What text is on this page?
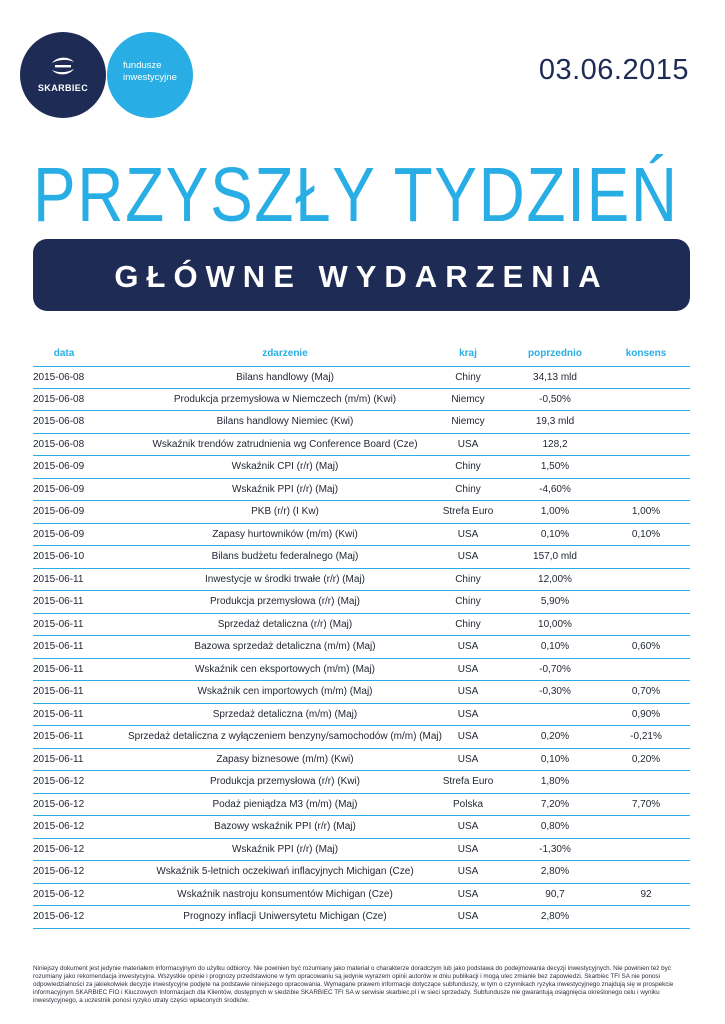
SKARBIEC
fundusze inwestycyjne	03.06.2015
PRZYSZŁY TYDZIEŃ
GŁÓWNE WYDARZENIA
data	zdarzenie	kraj	poprzednio	konsens
2015-06-08	Bilans handlowy (Maj)	Chiny	34,13 mld
2015-06-08	Produkcja przemysłowa w Niemczech (m/m) (Kwi)	Niemcy	-0,50%
2015-06-08	Bilans handlowy Niemiec (Kwi)	Niemcy	19,3 mld
2015-06-08	Wskaźnik trendów zatrudnienia wg Conference Board (Cze)	USA	128,2
2015-06-09	Wskaźnik CPI (r/r) (Maj)	Chiny	1,50%
2015-06-09	Wskaźnik PPI (r/r) (Maj)	Chiny	-4,60%
2015-06-09	PKB (r/r) (I Kw)	Strefa Euro	1,00%	1,00%
2015-06-09	Zapasy hurtowników (m/m) (Kwi)	USA	0,10%	0,10%
2015-06-10	Bilans budżetu federalnego (Maj)	USA	157,0 mld
2015-06-11	Inwestycje w środki trwałe (r/r) (Maj)	Chiny	12,00%
2015-06-11	Produkcja przemysłowa (r/r) (Maj)	Chiny	5,90%
2015-06-11	Sprzedaż detaliczna (r/r) (Maj)	Chiny	10,00%
2015-06-11	Bazowa sprzedaż detaliczna (m/m) (Maj)	USA	0,10%	0,60%
2015-06-11	Wskaźnik cen eksportowych (m/m) (Maj)	USA	-0,70%
2015-06-11	Wskaźnik cen importowych (m/m) (Maj)	USA	-0,30%	0,70%
2015-06-11	Sprzedaż detaliczna (m/m) (Maj)	USA	0,90%
2015-06-11	Sprzedaż detaliczna z wyłączeniem benzyny/samochodów (m/m) (Maj)	USA	0,20%	-0,21%
2015-06-11	Zapasy biznesowe (m/m) (Kwi)	USA	0,10%	0,20%
2015-06-12	Produkcja przemysłowa (r/r) (Kwi)	Strefa Euro	1,80%
2015-06-12	Podaż pieniądza M3 (m/m) (Maj)	Polska	7,20%	7,70%
2015-06-12	Bazowy wskaźnik PPI (r/r) (Maj)	USA	0,80%
2015-06-12	Wskaźnik PPI (r/r) (Maj)	USA	-1,30%
2015-06-12	Wskaźnik 5-letnich oczekiwań inflacyjnych Michigan (Cze)	USA	2,80%
2015-06-12	Wskaźnik nastroju konsumentów Michigan (Cze)	USA	90,7	92
2015-06-12	Prognozy inflacji Uniwersytetu Michigan (Cze)	USA	2,80%
Niniejszy dokument jest jedynie materiałem informacyjnym do użytku odbiorcy. Nie powinien być rozumiany jako materiał o charakterze doradczym lub jako podstawa do podejmowania decyzji inwestycyjnych. Nie powinien też być rozumiany jako rekomendacja inwestycyjna. Wszystkie opinie i prognozy przedstawione w tym opracowaniu są jedynie wyrazem opinii autorów w dniu publikacji i mogą ulec zmianie bez zapowiedzi. Skarbiec TFI SA nie ponosi odpowiedzialności za jakiekolwiek decyzje inwestycyjne podjęte na podstawie niniejszego opracowania. Wymagane prawem informacje dotyczące subfunduszy, w tym o czynnikach ryzyka inwestycyjnego znajdują się w prospekcie informacyjnym SKARBIEC FIO i Kluczowych Informacjach dla Klientów, dostępnych w siedzibie SKARBIEC TFI SA w serwisie skarbiec.pl i w sieci sprzedaży. Subfundusze nie gwarantują osiągnięcia określonego celu i wyniku inwestycyjnego, a uczestnik ponosi ryzyko utraty części wpłaconych środków.
